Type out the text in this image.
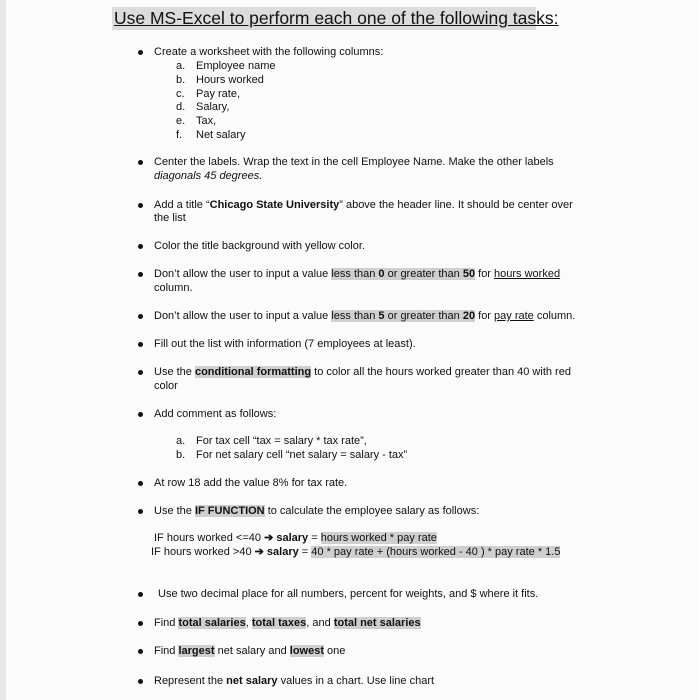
Use MS-Excel to perform each one of the following tasks:
Create a worksheet with the following columns:
a. Employee name
b. Hours worked
c. Pay rate,
d. Salary,
e. Tax,
f. Net salary
Center the labels. Wrap the text in the cell Employee Name. Make the other labels
diagonals 45 degrees.
Add a title “Chicago State University” above the header line. It should be center over
the list
Color the title background with yellow color.
Don’t allow the user to input a value less than 0 or greater than 50 for hours worked
column.
Don’t allow the user to input a value less than 5 or greater than 20 for pay rate column.
Fill out the list with information (7 employees at least).
Use the conditional formatting to color all the hours worked greater than 40 with red
color
Add comment as follows:
a. For tax cell “tax = salary * tax rate”,
b. For net salary cell “net salary = salary - tax”
At row 18 add the value 8% for tax rate.
Use the IF FUNCTION to calculate the employee salary as follows:
IF hours worked <=40 ➔ salary = hours worked * pay rate
IF hours worked >40 ➔ salary = 40 * pay rate + (hours worked - 40 ) * pay rate * 1.5
Use two decimal place for all numbers, percent for weights, and $ where it fits.
Find total salaries, total taxes, and total net salaries
Find largest net salary and lowest one
Represent the net salary values in a chart. Use line chart
